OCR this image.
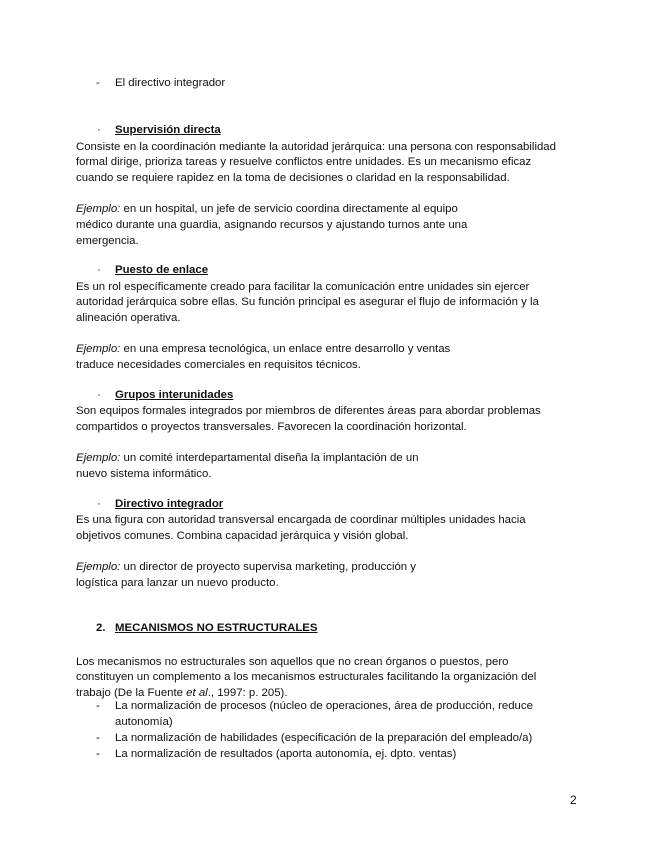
- El directivo integrador
· Supervisión directa
Consiste en la coordinación mediante la autoridad jerárquica: una persona con responsabilidad
formal dirige, prioriza tareas y resuelve conflictos entre unidades. Es un mecanismo eficaz
cuando se requiere rapidez en la toma de decisiones o claridad en la responsabilidad.
Ejemplo: en un hospital, un jefe de servicio coordina directamente al equipo
médico durante una guardia, asignando recursos y ajustando turnos ante una
emergencia.
· Puesto de enlace
Es un rol específicamente creado para facilitar la comunicación entre unidades sin ejercer
autoridad jerárquica sobre ellas. Su función principal es asegurar el flujo de información y la
alineación operativa.
Ejemplo: en una empresa tecnológica, un enlace entre desarrollo y ventas
traduce necesidades comerciales en requisitos técnicos.
· Grupos interunidades
Son equipos formales integrados por miembros de diferentes áreas para abordar problemas
compartidos o proyectos transversales. Favorecen la coordinación horizontal.
Ejemplo: un comité interdepartamental diseña la implantación de un
nuevo sistema informático.
· Directivo integrador
Es una figura con autoridad transversal encargada de coordinar múltiples unidades hacia
objetivos comunes. Combina capacidad jerárquica y visión global.
Ejemplo: un director de proyecto supervisa marketing, producción y
logística para lanzar un nuevo producto.
2. MECANISMOS NO ESTRUCTURALES
Los mecanismos no estructurales son aquellos que no crean órganos o puestos, pero
constituyen un complemento a los mecanismos estructurales facilitando la organización del
trabajo (De la Fuente et al., 1997: p. 205).
- La normalización de procesos (núcleo de operaciones, área de producción, reduce
autonomía)
- La normalización de habilidades (especificación de la preparación del empleado/a)
- La normalización de resultados (aporta autonomía, ej. dpto. ventas)
2
